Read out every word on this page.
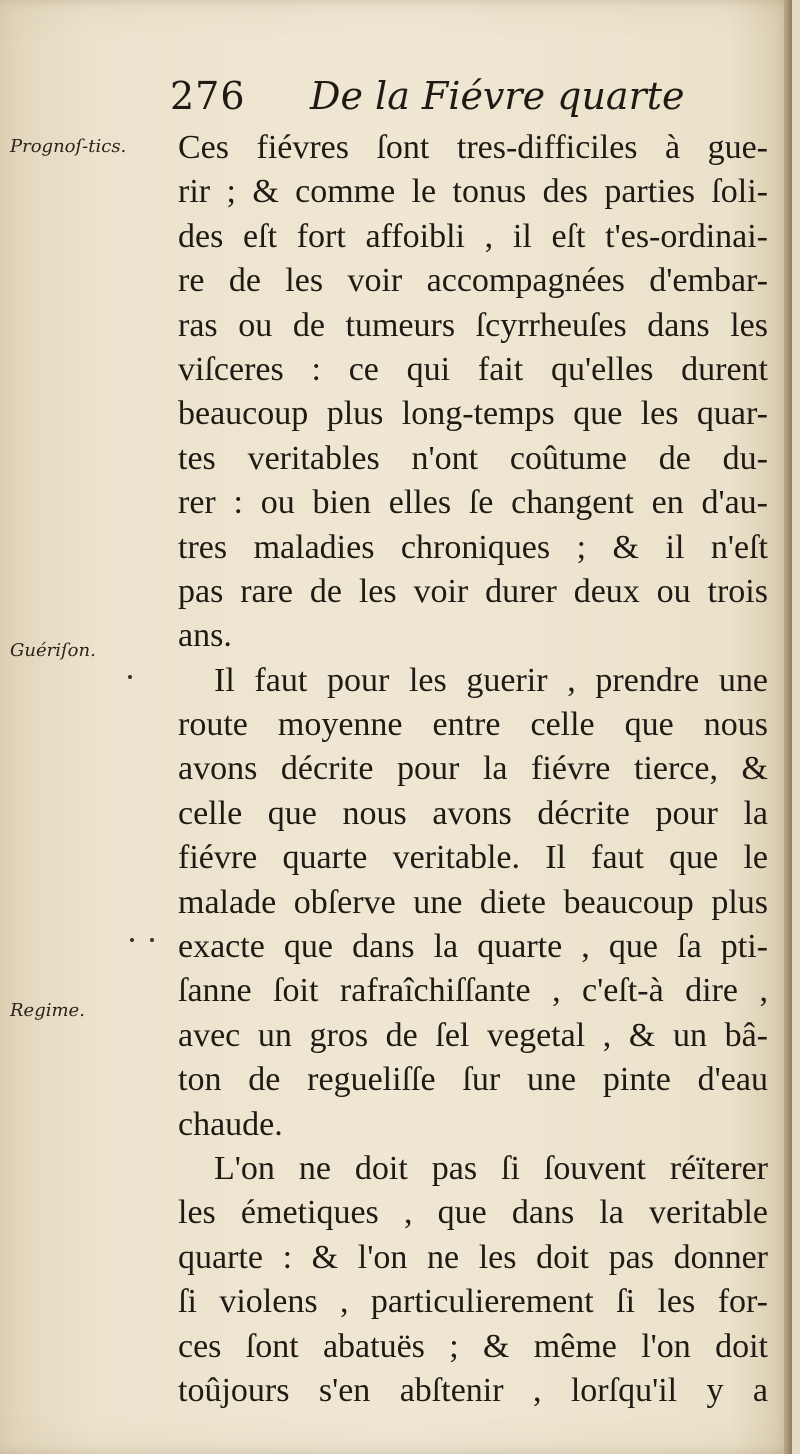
276 De la Fiévre quarte
Prognoſ-tics.
Guériſon.
Regime.
Ces fiévres ſont tres-difficiles à gue-
rir ; & comme le tonus des parties ſoli-
des eſt fort affoibli , il eſt t'es-ordinai-
re de les voir accompagnées d'embar-
ras ou de tumeurs ſcyrrheuſes dans les
viſceres : ce qui fait qu'elles durent
beaucoup plus long-temps que les quar-
tes veritables n'ont coûtume de du-
rer : ou bien elles ſe changent en d'au-
tres maladies chroniques ; & il n'eſt
pas rare de les voir durer deux ou trois
ans.
Il faut pour les guerir , prendre une
route moyenne entre celle que nous
avons décrite pour la fiévre tierce, &
celle que nous avons décrite pour la
fiévre quarte veritable. Il faut que le
malade obſerve une diete beaucoup plus
exacte que dans la quarte , que ſa pti-
ſanne ſoit rafraîchiſſante , c'eſt-à dire ,
avec un gros de ſel vegetal , & un bâ-
ton de regueliſſe ſur une pinte d'eau
chaude.
L'on ne doit pas ſi ſouvent réïterer
les émetiques , que dans la veritable
quarte : & l'on ne les doit pas donner
ſi violens , particulierement ſi les for-
ces ſont abatuës ; & même l'on doit
toûjours s'en abſtenir , lorſqu'il y a
